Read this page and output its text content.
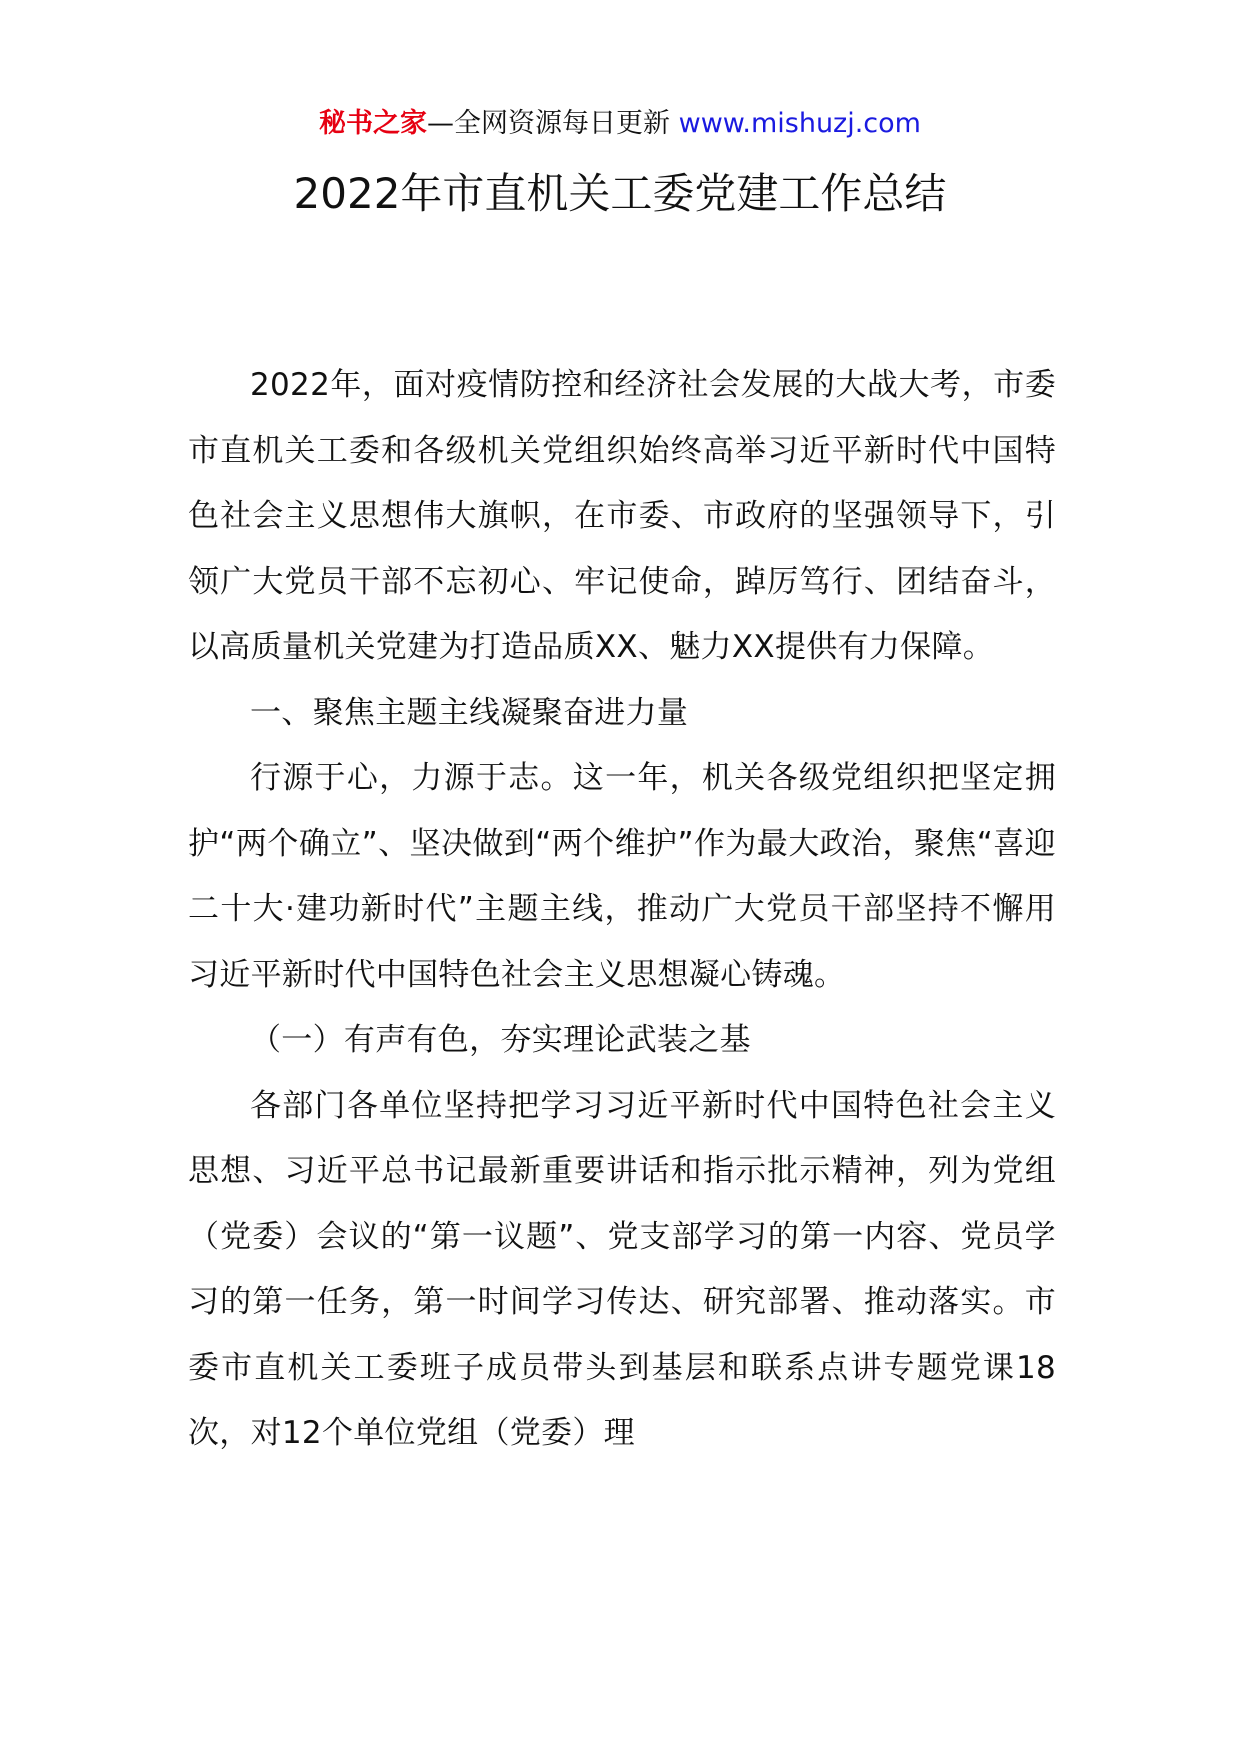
秘书之家—全网资源每日更新 www.mishuzj.com
2022年市直机关工委党建工作总结

2022年，面对疫情防控和经济社会发展的大战大考，市委市直机关工委和各级机关党组织始终高举习近平新时代中国特色社会主义思想伟大旗帜，在市委、市政府的坚强领导下，引领广大党员干部不忘初心、牢记使命，踔厉笃行、团结奋斗，以高质量机关党建为打造品质XX、魅力XX提供有力保障。

一、聚焦主题主线凝聚奋进力量

行源于心，力源于志。这一年，机关各级党组织把坚定拥护“两个确立”、坚决做到“两个维护”作为最大政治，聚焦“喜迎二十大·建功新时代”主题主线，推动广大党员干部坚持不懈用习近平新时代中国特色社会主义思想凝心铸魂。

（一）有声有色，夯实理论武装之基

各部门各单位坚持把学习习近平新时代中国特色社会主义思想、习近平总书记最新重要讲话和指示批示精神，列为党组（党委）会议的“第一议题”、党支部学习的第一内容、党员学习的第一任务，第一时间学习传达、研究部署、推动落实。市委市直机关工委班子成员带头到基层和联系点讲专题党课18次，对12个单位党组（党委）理
